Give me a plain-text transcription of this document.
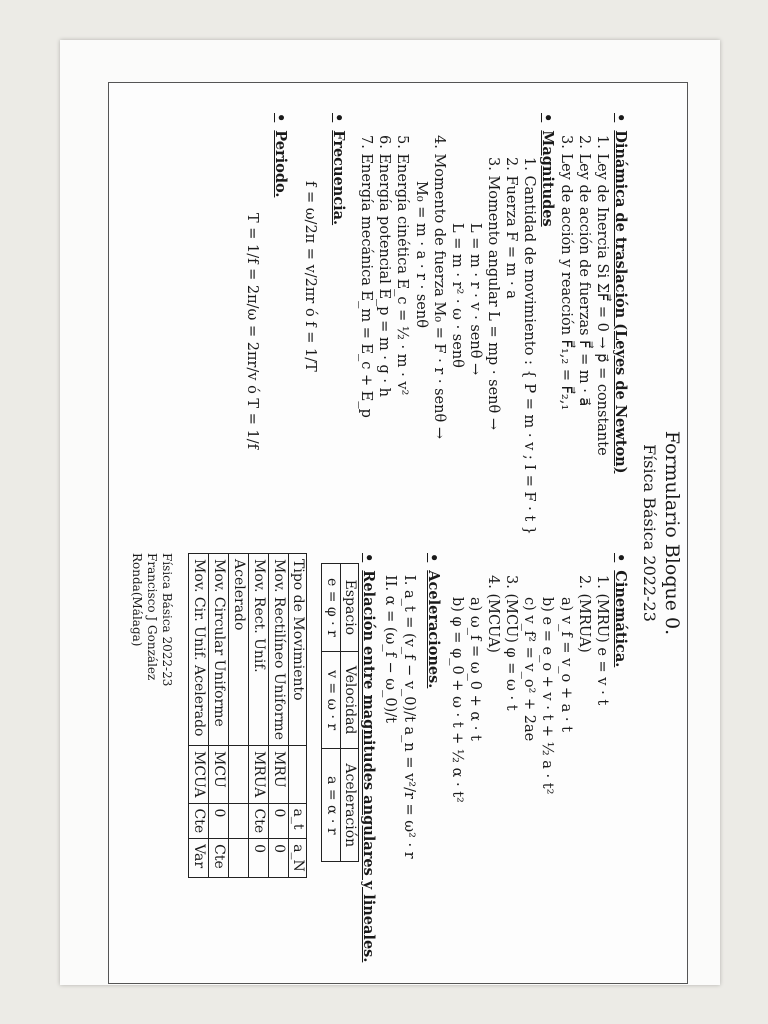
Formulario Bloque 0.
Física Básica 2022-23
• Cinemática.
1. (MRU) e = v · t
2. (MRUA)
a) v_f = v_o + a · t
b) e = e_o + v · t + ½ a · t²
c) v_f² = v_o² + 2ae
3. (MCU) φ = ω · t
4. (MCUA)
a) ω_f = ω_0 + α · t
b) φ = φ_0 + ω · t + ½ α · t²
• Aceleraciones.
I. a_t = (v_f − v_0)/t a_n = v²/r = ω² · r
II. α = (ω_f − ω_0)/t
• Relación entre magnitudes angulares y lineales.
Espacio	Velocidad	Aceleración
e = φ · r	v = ω · r	a = α · r
Tipo de Movimiento		a_t	a_N
Mov. Rectilíneo Uniforme	MRU	0	0
Mov. Rect. Unif.	MRUA	Cte	0
Acelerado			
Mov. Circular Uniforme	MCU	0	Cte
Mov. Cir. Unif. Acelerado	MCUA	Cte	Var
Física Básica 2022-23
Francisco J González
Ronda(Málaga)
• Dinámica de traslación (Leyes de Newton)
1. Ley de Inercia Si ΣF⃗ = 0 → p⃗ = constante
2. Ley de acción de fuerzas F⃗ = m · a⃗
3. Ley de acción y reacción F⃗₁,₂ = F⃗₂,₁
• Magnitudes
1. Cantidad de movimiento : { P = m · v ; I = F · t }
2. Fuerza F = m · a
3. Momento angular L = mp · senθ →
L = m · r · v · senθ →
L = m · r² · ω · senθ
4. Momento de fuerza M₀ = F · r · senθ →
M₀ = m · a · r · senθ
5. Energía cinética E_c = ½ · m · v²
6. Energía potencial E_p = m · g · h
7. Energía mecánica E_m = E_c + E_p
• Frecuencia.
f = ω/2π = v/2πr ó f = 1/T
• Periodo.
T = 1/f = 2π/ω = 2πr/v ó T = 1/f
